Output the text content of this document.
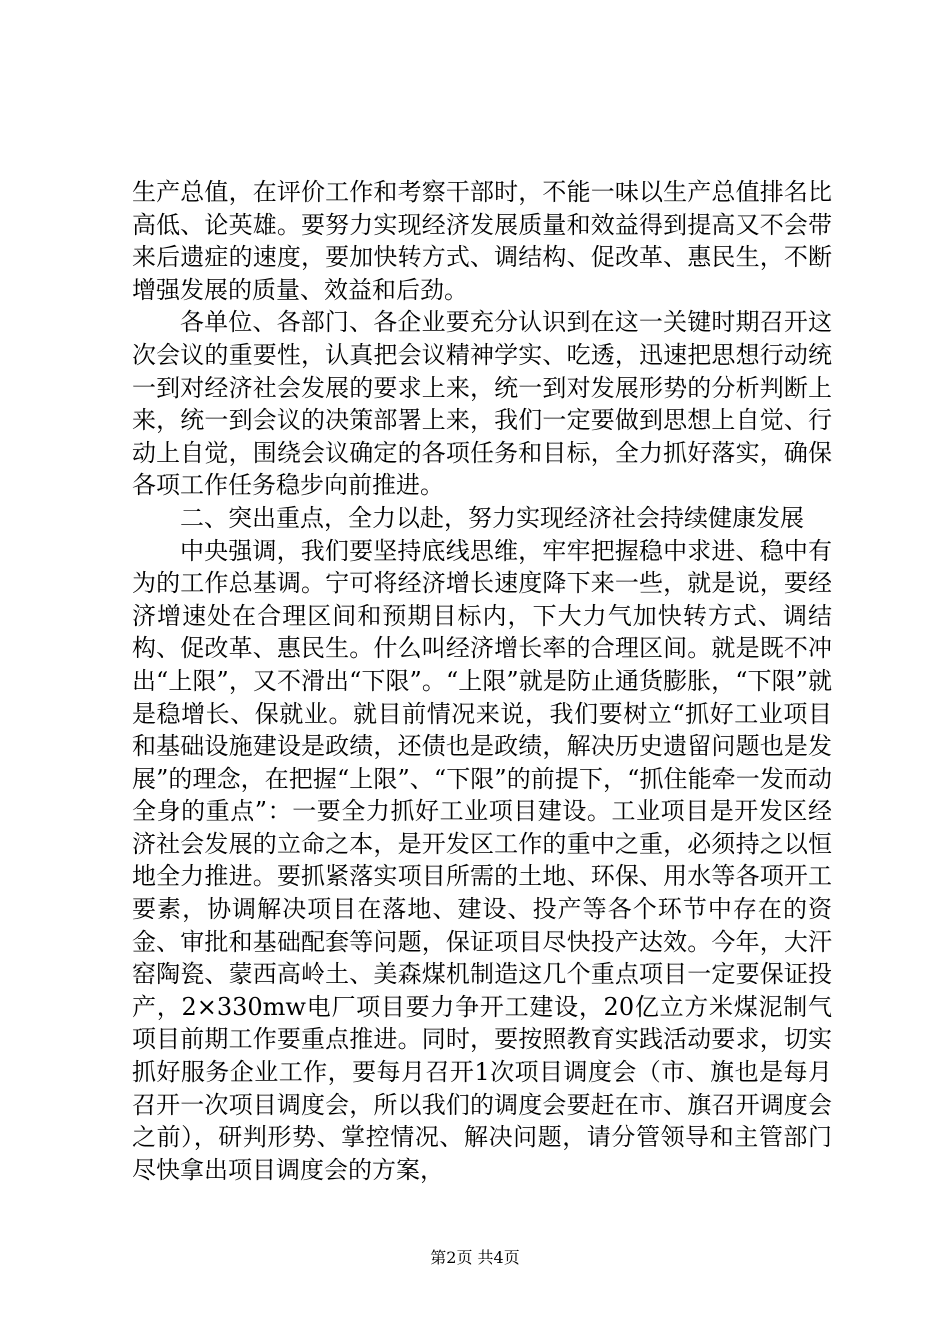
生产总值，在评价工作和考察干部时，不能一味以生产总值排名比高低、论英雄。要努力实现经济发展质量和效益得到提高又不会带来后遗症的速度，要加快转方式、调结构、促改革、惠民生，不断增强发展的质量、效益和后劲。

各单位、各部门、各企业要充分认识到在这一关键时期召开这次会议的重要性，认真把会议精神学实、吃透，迅速把思想行动统一到对经济社会发展的要求上来，统一到对发展形势的分析判断上来，统一到会议的决策部署上来，我们一定要做到思想上自觉、行动上自觉，围绕会议确定的各项任务和目标，全力抓好落实，确保各项工作任务稳步向前推进。

二、突出重点，全力以赴，努力实现经济社会持续健康发展

中央强调，我们要坚持底线思维，牢牢把握稳中求进、稳中有为的工作总基调。宁可将经济增长速度降下来一些，就是说，要经济增速处在合理区间和预期目标内，下大力气加快转方式、调结构、促改革、惠民生。什么叫经济增长率的合理区间。就是既不冲出“上限”，又不滑出“下限”。“上限”就是防止通货膨胀，“下限”就是稳增长、保就业。就目前情况来说，我们要树立“抓好工业项目和基础设施建设是政绩，还债也是政绩，解决历史遗留问题也是发展”的理念，在把握“上限”、“下限”的前提下，“抓住能牵一发而动全身的重点”：一要全力抓好工业项目建设。工业项目是开发区经济社会发展的立命之本，是开发区工作的重中之重，必须持之以恒地全力推进。要抓紧落实项目所需的土地、环保、用水等各项开工要素，协调解决项目在落地、建设、投产等各个环节中存在的资金、审批和基础配套等问题，保证项目尽快投产达效。今年，大汗窑陶瓷、蒙西高岭土、美森煤机制造这几个重点项目一定要保证投产，2×330mw电厂项目要力争开工建设，20亿立方米煤泥制气项目前期工作要重点推进。同时，要按照教育实践活动要求，切实抓好服务企业工作，要每月召开1次项目调度会（市、旗也是每月召开一次项目调度会，所以我们的调度会要赶在市、旗召开调度会之前），研判形势、掌控情况、解决问题，请分管领导和主管部门尽快拿出项目调度会的方案，

第2页 共4页
